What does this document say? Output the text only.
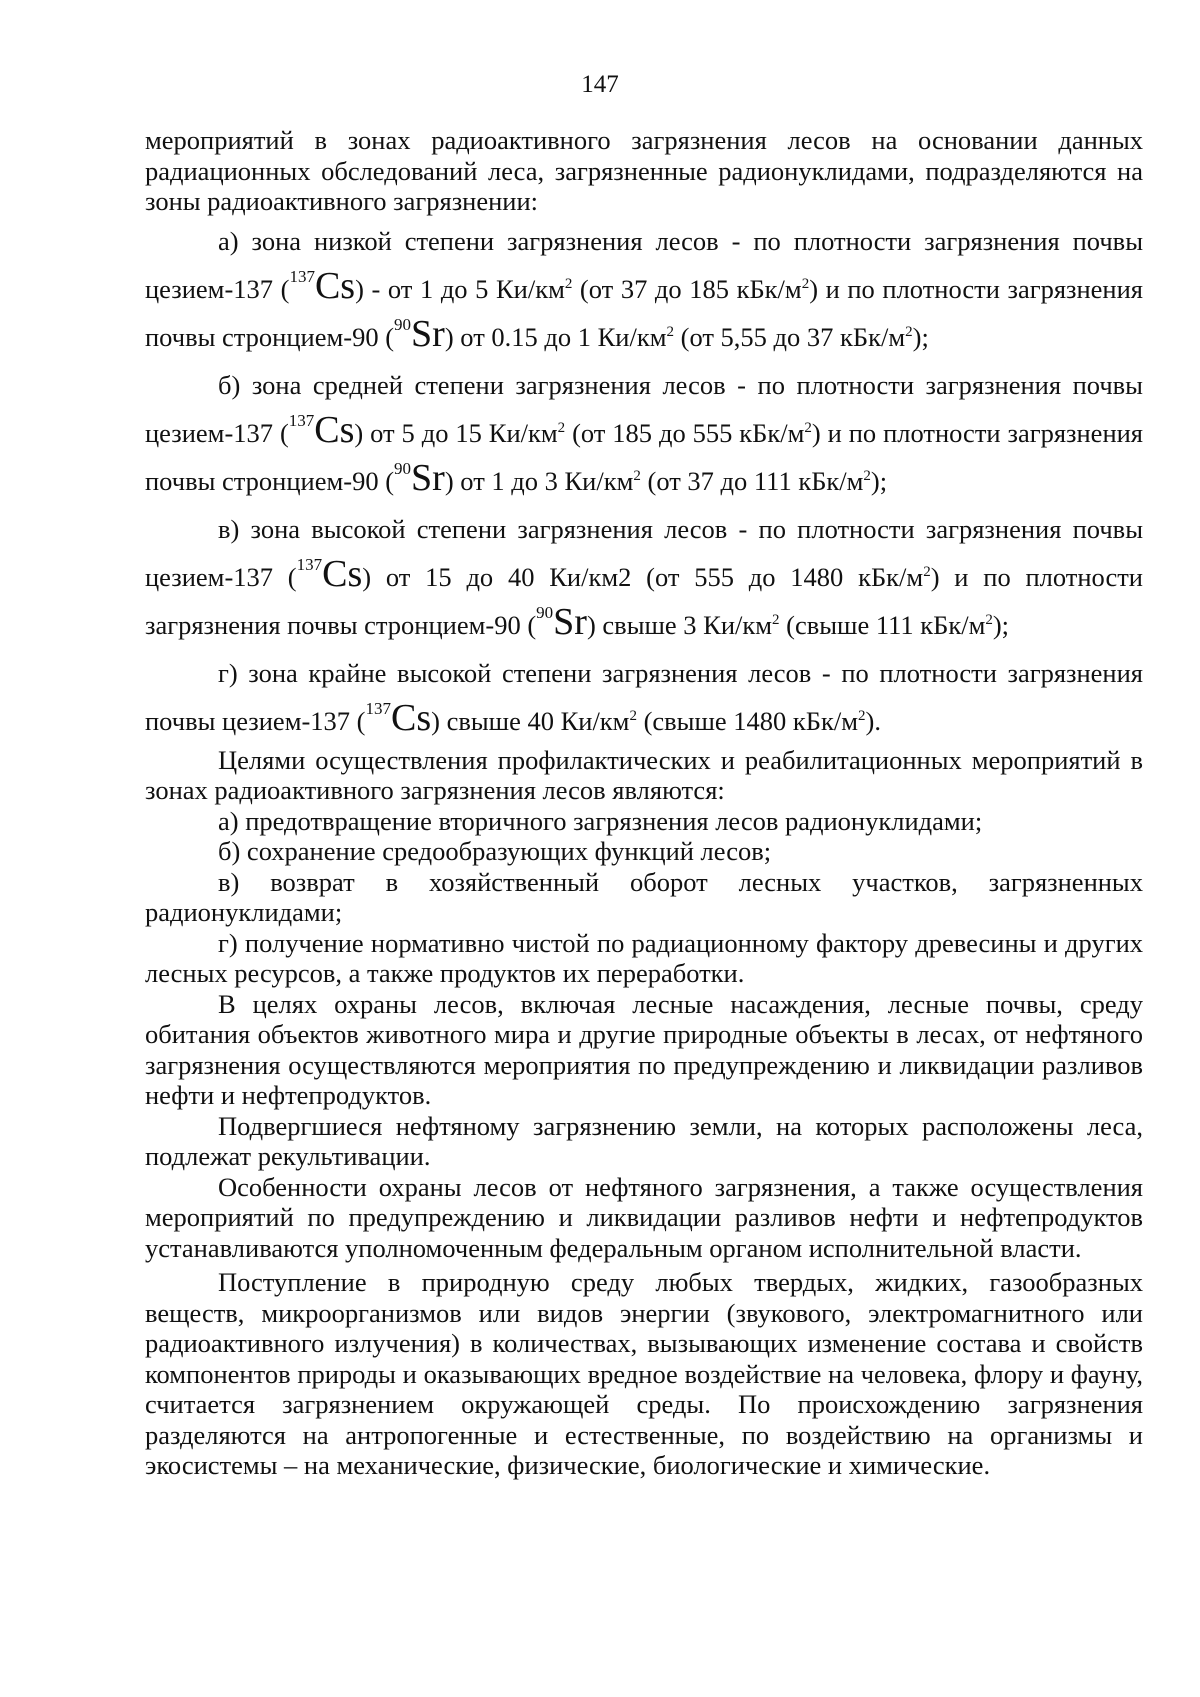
147

мероприятий в зонах радиоактивного загрязнения лесов на основании данных радиационных обследований леса, загрязненные радионуклидами, подразделяются на зоны радиоактивного загрязнении:

а) зона низкой степени загрязнения лесов - по плотности загрязнения почвы цезием-137 ($^{137}$Cs) - от 1 до 5 $Ки/км^2$ (от 37 до 185 кБк/$м^2$) и по плотности загрязнения почвы стронцием-90 ($^{90}$Sr) от 0.15 до 1 $Ки/км^2$ (от 5,55 до 37 кБк/$м^2$);

б) зона средней степени загрязнения лесов - по плотности загрязнения почвы цезием-137 ($^{137}$Cs) от 5 до 15 $Ки/км^2$ (от 185 до 555 кБк/$м^2$) и по плотности загрязнения почвы стронцием-90 ($^{90}$Sr) от 1 до 3 $Ки/км^2$ (от 37 до 111 кБк/$м^2$);

в) зона высокой степени загрязнения лесов - по плотности загрязнения почвы цезием-137 ($^{137}$Cs) от 15 до 40 Ки/км2 (от 555 до 1480 кБк/$м^2$) и по плотности загрязнения почвы стронцием-90 ($^{90}$Sr) свыше 3 $Ки/км^2$ (свыше 111 кБк/$м^2$);

г) зона крайне высокой степени загрязнения лесов - по плотности загрязнения почвы цезием-137 ($^{137}$Cs) свыше 40 $Ки/км^2$ (свыше 1480 кБк/$м^2$).

Целями осуществления профилактических и реабилитационных мероприятий в зонах радиоактивного загрязнения лесов являются:

а) предотвращение вторичного загрязнения лесов радионуклидами;

б) сохранение средообразующих функций лесов;

в) возврат в хозяйственный оборот лесных участков, загрязненных радионуклидами;

г) получение нормативно чистой по радиационному фактору древесины и других лесных ресурсов, а также продуктов их переработки.

В целях охраны лесов, включая лесные насаждения, лесные почвы, среду обитания объектов животного мира и другие природные объекты в лесах, от нефтяного загрязнения осуществляются мероприятия по предупреждению и ликвидации разливов нефти и нефтепродуктов.

Подвергшиеся нефтяному загрязнению земли, на которых расположены леса, подлежат рекультивации.

Особенности охраны лесов от нефтяного загрязнения, а также осуществления мероприятий по предупреждению и ликвидации разливов нефти и нефтепродуктов устанавливаются уполномоченным федеральным органом исполнительной власти.

Поступление в природную среду любых твердых, жидких, газообразных веществ, микроорганизмов или видов энергии (звукового, электромагнитного или радиоактивного излучения) в количествах, вызывающих изменение состава и свойств компонентов природы и оказывающих вредное воздействие на человека, флору и фауну, считается загрязнением окружающей среды. По происхождению загрязнения разделяются на антропогенные и естественные, по воздействию на организмы и экосистемы – на механические, физические, биологические и химические.
